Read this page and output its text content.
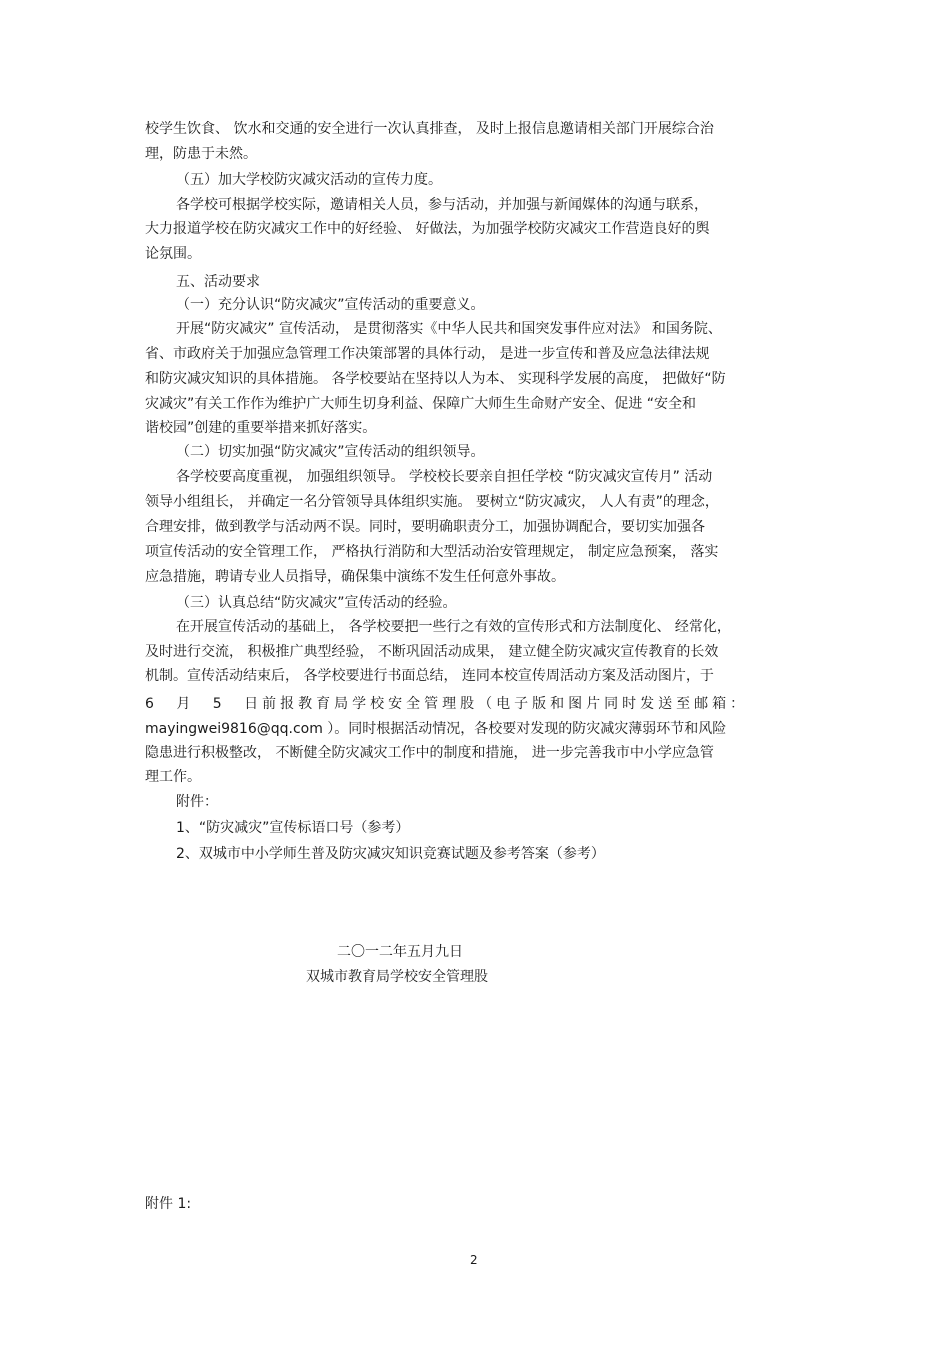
校学生饮食、 饮水和交通的安全进行一次认真排查， 及时上报信息邀请相关部门开展综合治

理，防患于未然。

（五）加大学校防灾减灾活动的宣传力度。

各学校可根据学校实际，邀请相关人员，参与活动，并加强与新闻媒体的沟通与联系，

大力报道学校在防灾减灾工作中的好经验、 好做法，为加强学校防灾减灾工作营造良好的舆

论氛围。

五、活动要求

（一）充分认识“防灾减灾”宣传活动的重要意义。

开展“防灾减灾” 宣传活动， 是贯彻落实《中华人民共和国突发事件应对法》 和国务院、

省、市政府关于加强应急管理工作决策部署的具体行动， 是进一步宣传和普及应急法律法规

和防灾减灾知识的具体措施。 各学校要站在坚持以人为本、 实现科学发展的高度， 把做好“防

灾减灾”有关工作作为维护广大师生切身利益、保障广大师生生命财产安全、促进 “安全和

谐校园”创建的重要举措来抓好落实。

（二）切实加强“防灾减灾”宣传活动的组织领导。

各学校要高度重视， 加强组织领导。 学校校长要亲自担任学校 “防灾减灾宣传月” 活动

领导小组组长， 并确定一名分管领导具体组织实施。 要树立“防灾减灾， 人人有责”的理念，

合理安排，做到教学与活动两不误。同时，要明确职责分工，加强协调配合，要切实加强各

项宣传活动的安全管理工作， 严格执行消防和大型活动治安管理规定， 制定应急预案， 落实

应急措施，聘请专业人员指导，确保集中演练不发生任何意外事故。

（三）认真总结“防灾减灾”宣传活动的经验。

在开展宣传活动的基础上， 各学校要把一些行之有效的宣传形式和方法制度化、 经常化，

及时进行交流， 积极推广典型经验， 不断巩固活动成果， 建立健全防灾减灾宣传教育的长效

机制。宣传活动结束后， 各学校要进行书面总结， 连同本校宣传周活动方案及活动图片，于

6 月 5 日前报教育局学校安全管理股（电子版和图片同时发送至邮箱：

mayingwei9816@qq.com ）。同时根据活动情况，各校要对发现的防灾减灾薄弱环节和风险

隐患进行积极整改， 不断健全防灾减灾工作中的制度和措施， 进一步完善我市中小学应急管

理工作。

附件：

1、“防灾减灾”宣传标语口号（参考）

2、双城市中小学师生普及防灾减灾知识竞赛试题及参考答案（参考）

二〇一二年五月九日

双城市教育局学校安全管理股

附件 1:

2
